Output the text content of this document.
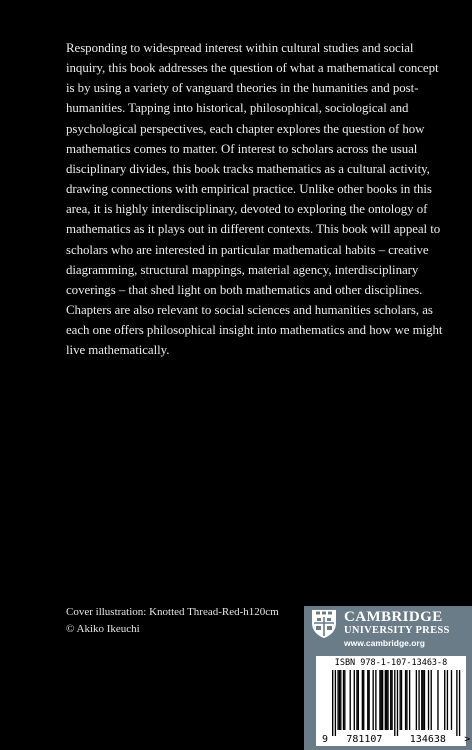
Responding to widespread interest within cultural studies and social
inquiry, this book addresses the question of what a mathematical concept
is by using a variety of vanguard theories in the humanities and post-
humanities. Tapping into historical, philosophical, sociological and
psychological perspectives, each chapter explores the question of how
mathematics comes to matter. Of interest to scholars across the usual
disciplinary divides, this book tracks mathematics as a cultural activity,
drawing connections with empirical practice. Unlike other books in this
area, it is highly interdisciplinary, devoted to exploring the ontology of
mathematics as it plays out in different contexts. This book will appeal to
scholars who are interested in particular mathematical habits – creative
diagramming, structural mappings, material agency, interdisciplinary
coverings – that shed light on both mathematics and other disciplines.
Chapters are also relevant to social sciences and humanities scholars, as
each one offers philosophical insight into mathematics and how we might
live mathematically.
Cover illustration: Knotted Thread-Red-h120cm
© Akiko Ikeuchi
CAMBRIDGE
UNIVERSITY PRESS
www.cambridge.org
ISBN 978-1-107-13463-8
9 781107	134638 >
